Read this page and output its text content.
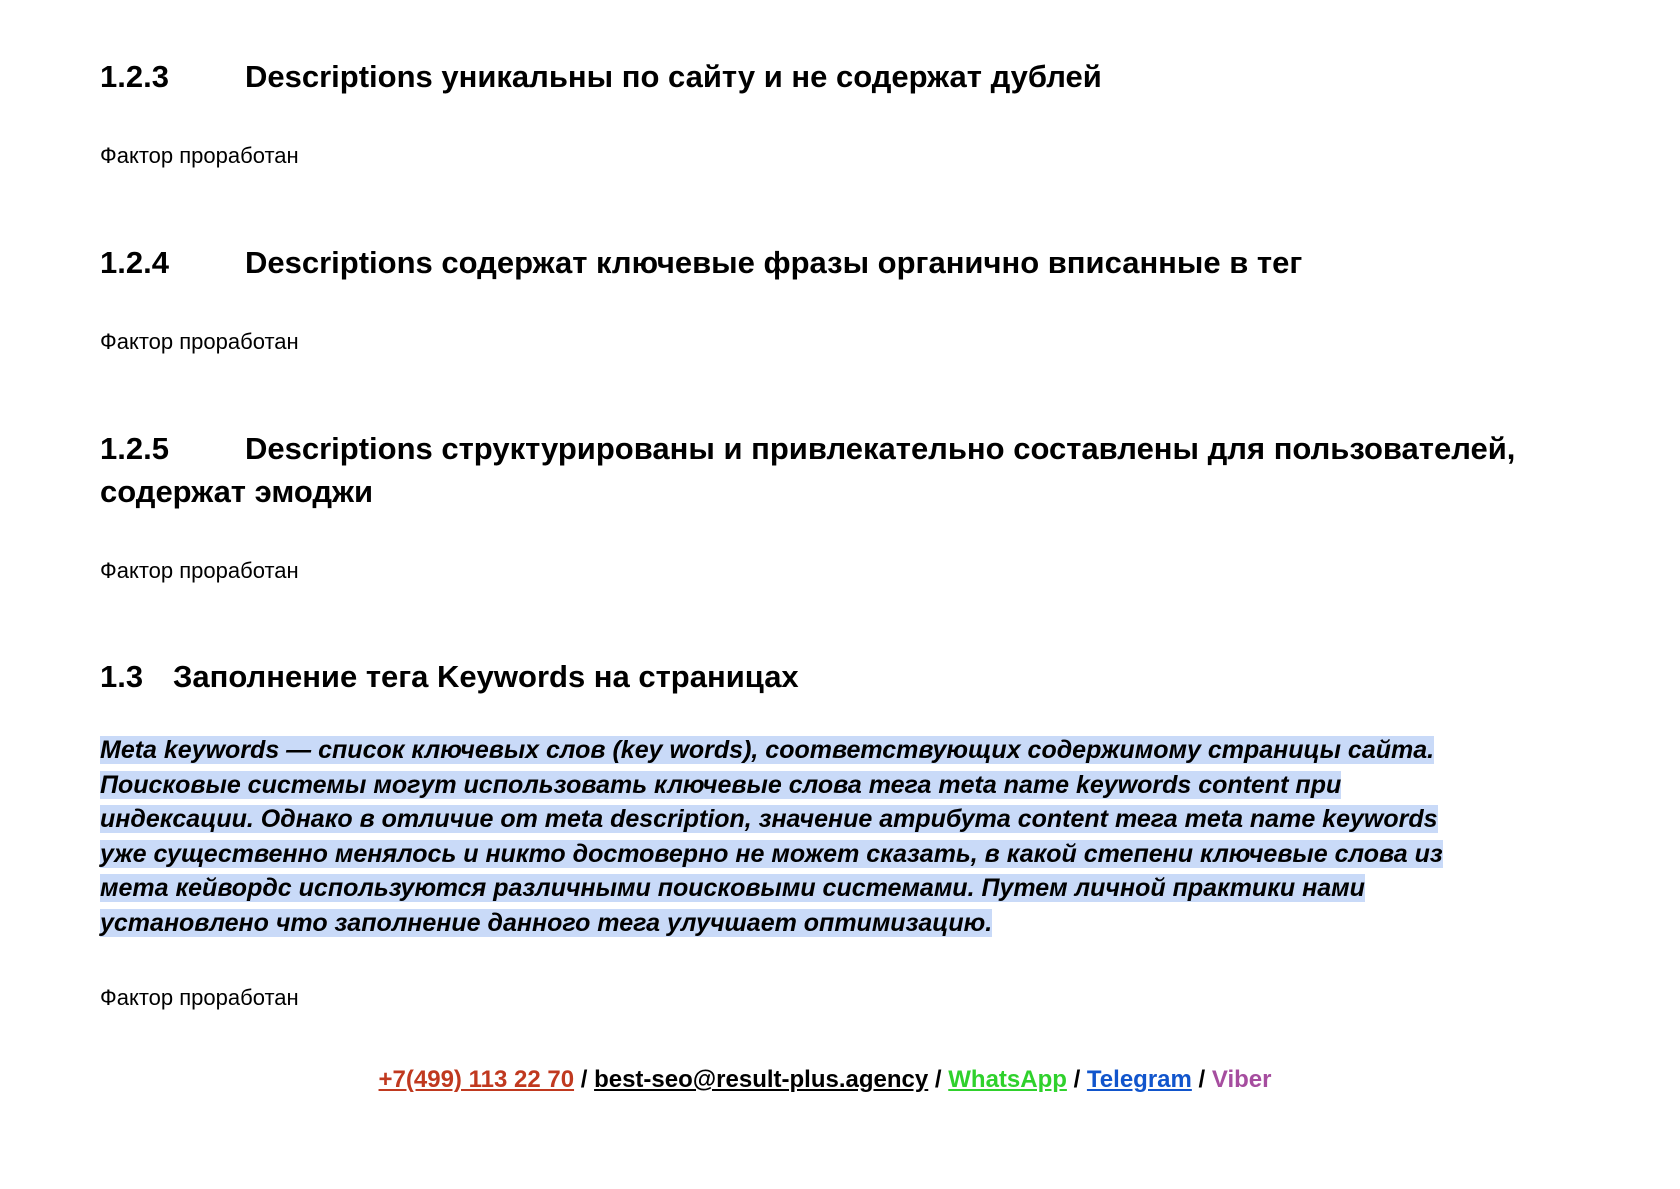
1.2.3 Descriptions уникальны по сайту и не содержат дублей

Фактор проработан

1.2.4 Descriptions содержат ключевые фразы органично вписанные в тег

Фактор проработан

1.2.5 Descriptions структурированы и привлекательно составлены для пользователей, содержат эмоджи

Фактор проработан

1.3 Заполнение тега Keywords на страницах

Meta keywords — список ключевых слов (key words), соответствующих содержимому страницы сайта.
Поисковые системы могут использовать ключевые слова тега meta name keywords content при
индексации. Однако в отличие от meta description, значение атрибута content тега meta name keywords
уже существенно менялось и никто достоверно не может сказать, в какой степени ключевые слова из
мета кейвордс используются различными поисковыми системами. Путем личной практики нами
установлено что заполнение данного тега улучшает оптимизацию.

Фактор проработан

+7(499) 113 22 70 / best-seo@result-plus.agency / WhatsApp / Telegram / Viber
